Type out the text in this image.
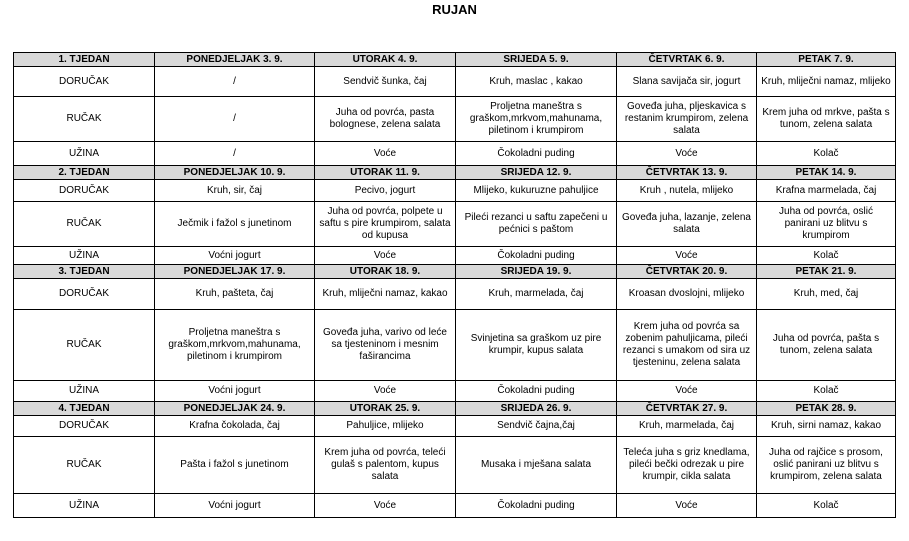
RUJAN
1. TJEDAN	PONEDJELJAK 3. 9.	UTORAK 4. 9.	SRIJEDA 5. 9.	ČETVRTAK 6. 9.	PETAK 7. 9.
DORUČAK	/	Sendvič šunka, čaj	Kruh, maslac , kakao	Slana savijača sir, jogurt	Kruh, mliječni namaz, mlijeko
RUČAK	/	Juha od povrća, pasta bolognese, zelena salata	Proljetna maneštra s graškom,mrkvom,mahunama, piletinom i krumpirom	Goveđa juha, pljeskavica s restanim krumpirom, zelena salata	Krem juha od mrkve, pašta s tunom, zelena salata
UŽINA	/	Voće	Čokoladni puding	Voće	Kolač
2. TJEDAN	PONEDJELJAK 10. 9.	UTORAK 11. 9.	SRIJEDA 12. 9.	ČETVRTAK 13. 9.	PETAK 14. 9.
DORUČAK	Kruh, sir, čaj	Pecivo, jogurt	Mlijeko, kukuruzne pahuljice	Kruh , nutela, mlijeko	Krafna marmelada, čaj
RUČAK	Ječmik i fažol s junetinom	Juha od povrća, polpete u saftu s pire krumpirom, salata od kupusa	Pileći rezanci u saftu zapečeni u pećnici s paštom	Goveđa juha, lazanje, zelena salata	Juha od povrća, oslić panirani uz blitvu s krumpirom
UŽINA	Voćni jogurt	Voće	Čokoladni puding	Voće	Kolač
3. TJEDAN	PONEDJELJAK 17. 9.	UTORAK 18. 9.	SRIJEDA 19. 9.	ČETVRTAK 20. 9.	PETAK 21. 9.
DORUČAK	Kruh, pašteta, čaj	Kruh, mliječni namaz, kakao	Kruh, marmelada, čaj	Kroasan dvoslojni, mlijeko	Kruh, med, čaj
RUČAK	Proljetna maneštra s graškom,mrkvom,mahunama, piletinom i krumpirom	Goveđa juha, varivo od leće sa tjesteninom i mesnim faširancima	Svinjetina sa graškom uz pire krumpir, kupus salata	Krem juha od povrća sa zobenim pahuljicama, pileći rezanci s umakom od sira uz tjesteninu, zelena salata	Juha od povrća, pašta s tunom, zelena salata
UŽINA	Voćni jogurt	Voće	Čokoladni puding	Voće	Kolač
4. TJEDAN	PONEDJELJAK 24. 9.	UTORAK 25. 9.	SRIJEDA 26. 9.	ČETVRTAK 27. 9.	PETAK 28. 9.
DORUČAK	Krafna čokolada, čaj	Pahuljice, mlijeko	Sendvič čajna,čaj	Kruh, marmelada, čaj	Kruh, sirni namaz, kakao
RUČAK	Pašta i fažol s junetinom	Krem juha od povrća, teleći gulaš s palentom, kupus salata	Musaka i mješana salata	Teleća juha s griz knedlama, pileći bečki odrezak u pire krumpir, cikla salata	Juha od rajčice s prosom, oslić panirani uz blitvu s krumpirom, zelena salata
UŽINA	Voćni jogurt	Voće	Čokoladni puding	Voće	Kolač
